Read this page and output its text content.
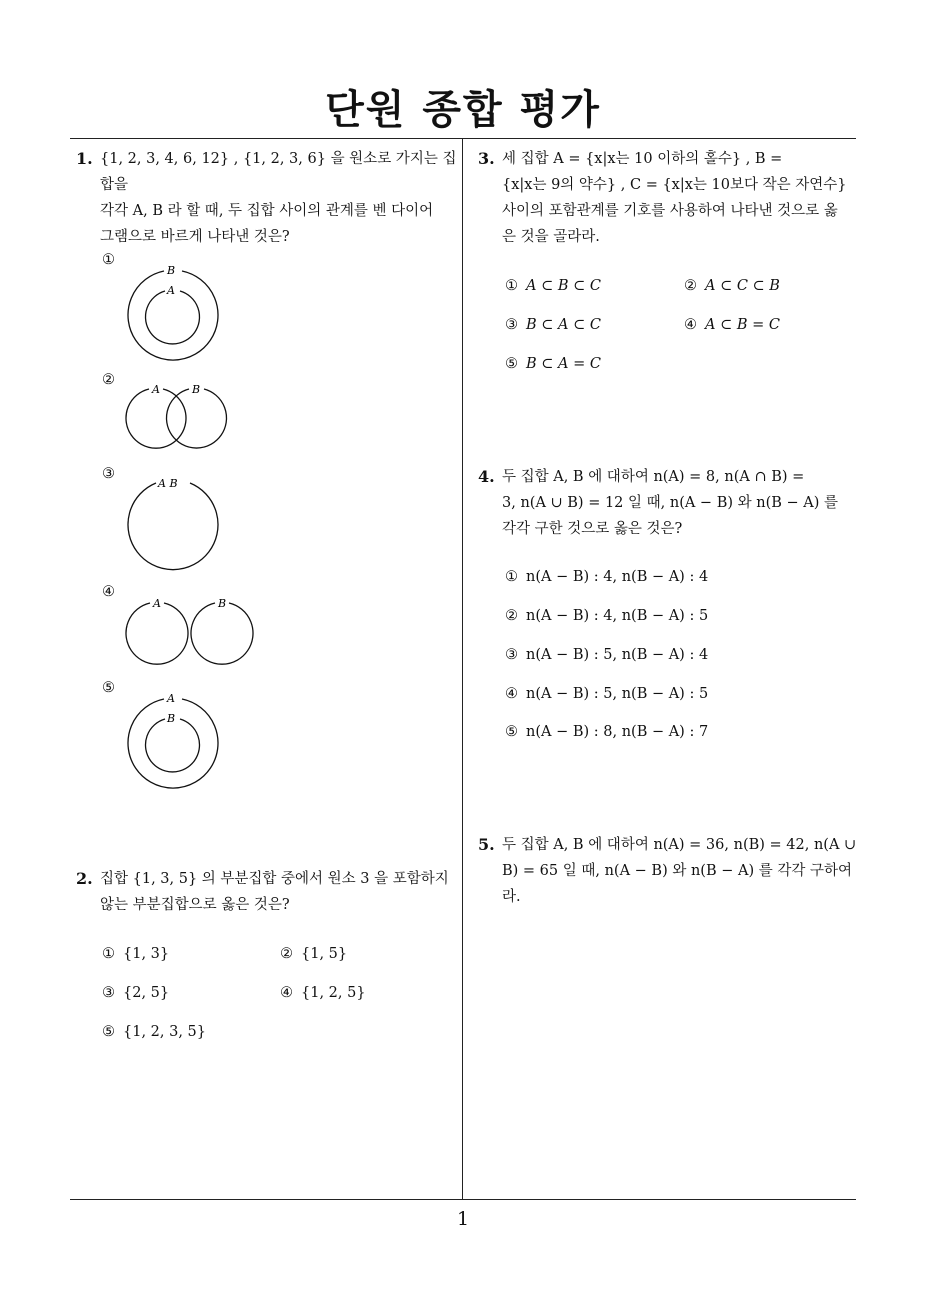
단원 종합 평가
1
1. {1, 2, 3, 4, 6, 12} , {1, 2, 3, 6} 을 원소로 가지는 집합을

각각 A, B 라 할 때, 두 집합 사이의 관계를 벤 다이어

그램으로 바르게 나타낸 것은?

①
B
A
②
A	B
③
A B
④
A	B
⑤
A
B
2. 집합 {1, 3, 5} 의 부분집합 중에서 원소 3 을 포함하지

않는 부분집합으로 옳은 것은?

① {1, 3}	② {1, 5}
③ {2, 5}	④ {1, 2, 5}
⑤ {1, 2, 3, 5}
3. 세 집합 A = {x|x는 10 이하의 홀수} , B =

{x|x는 9의 약수} , C = {x|x는 10보다 작은 자연수}

사이의 포함관계를 기호를 사용하여 나타낸 것으로 옳

은 것을 골라라.

① A ⊂ B ⊂ C	② A ⊂ C ⊂ B
③ B ⊂ A ⊂ C	④ A ⊂ B = C
⑤ B ⊂ A = C
4. 두 집합 A, B 에 대하여 n(A) = 8, n(A ∩ B) =

3, n(A ∪ B) = 12 일 때, n(A − B) 와 n(B − A) 를

각각 구한 것으로 옳은 것은?

① n(A − B) : 4, n(B − A) : 4
② n(A − B) : 4, n(B − A) : 5
③ n(A − B) : 5, n(B − A) : 4
④ n(A − B) : 5, n(B − A) : 5
⑤ n(A − B) : 8, n(B − A) : 7
5. 두 집합 A, B 에 대하여 n(A) = 36, n(B) = 42, n(A ∪

B) = 65 일 때, n(A − B) 와 n(B − A) 를 각각 구하여

라.
